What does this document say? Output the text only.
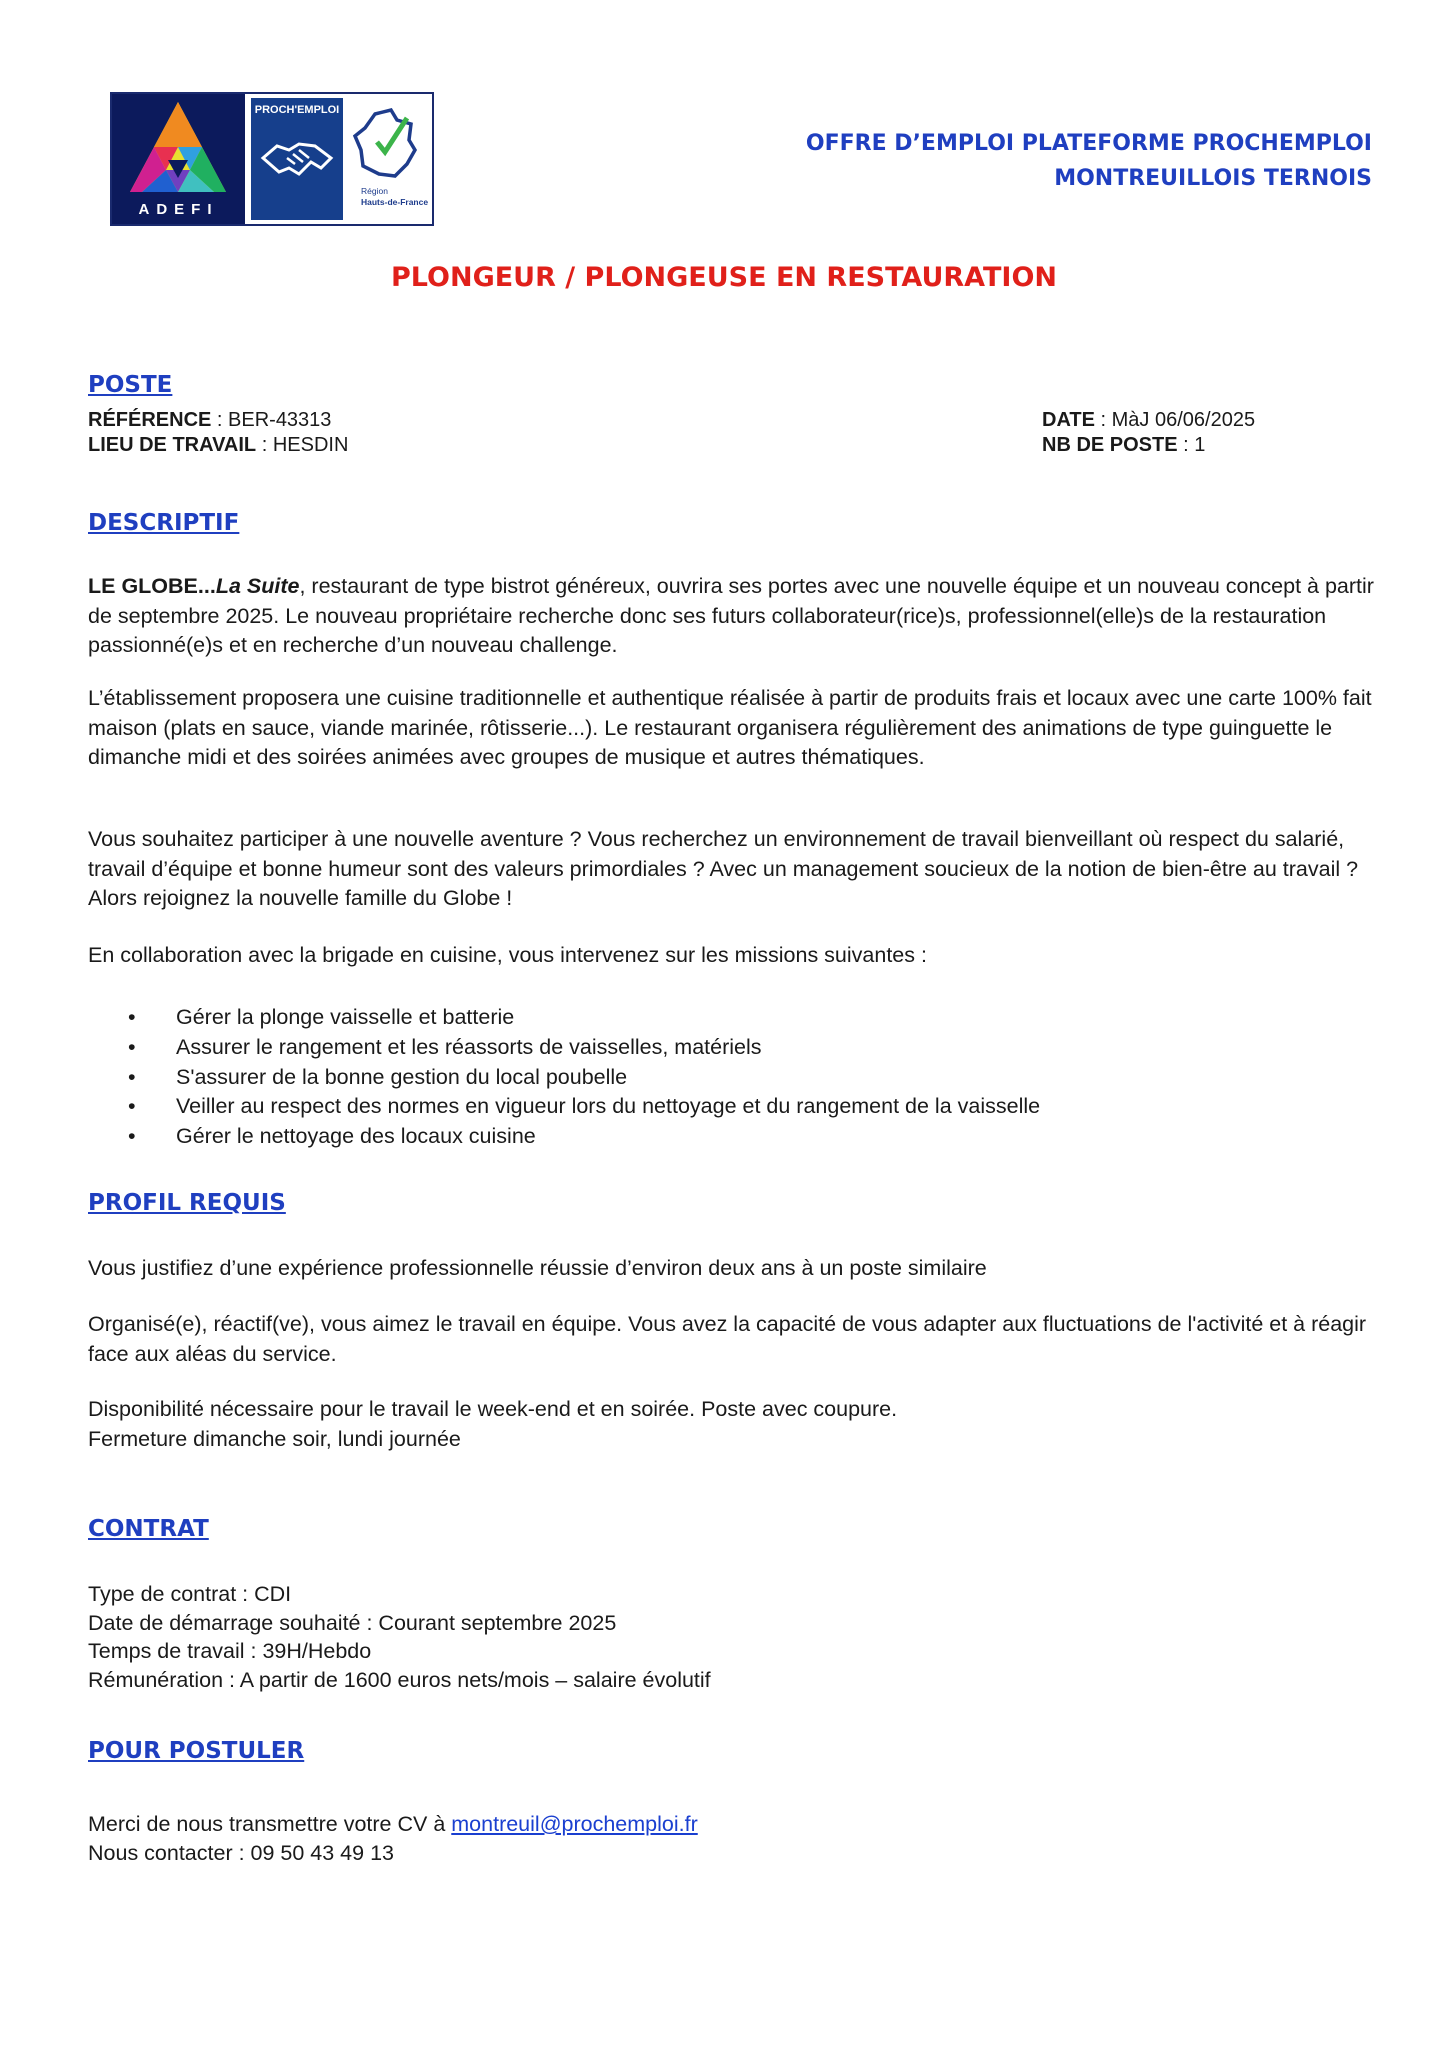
ADEFI
PROCH'EMPLOI
Région
Hauts-de-France
OFFRE D’EMPLOI PLATEFORME PROCHEMPLOI
MONTREUILLOIS TERNOIS
PLONGEUR / PLONGEUSE EN RESTAURATION
POSTE
RÉFÉRENCE : BER-43313
LIEU DE TRAVAIL : HESDIN
DATE : MàJ 06/06/2025
NB DE POSTE : 1
DESCRIPTIF
LE GLOBE...La Suite, restaurant de type bistrot généreux, ouvrira ses portes avec une nouvelle équipe et un nouveau concept à partir de septembre 2025. Le nouveau propriétaire recherche donc ses futurs collaborateur(rice)s, professionnel(elle)s de la restauration passionné(e)s et en recherche d’un nouveau challenge.
L’établissement proposera une cuisine traditionnelle et authentique réalisée à partir de produits frais et locaux avec une carte 100% fait maison (plats en sauce, viande marinée, rôtisserie...). Le restaurant organisera régulièrement des animations de type guinguette le dimanche midi et des soirées animées avec groupes de musique et autres thématiques.
Vous souhaitez participer à une nouvelle aventure ? Vous recherchez un environnement de travail bienveillant où respect du salarié, travail d’équipe et bonne humeur sont des valeurs primordiales ? Avec un management soucieux de la notion de bien-être au travail ? Alors rejoignez la nouvelle famille du Globe !
En collaboration avec la brigade en cuisine, vous intervenez sur les missions suivantes :
• Gérer la plonge vaisselle et batterie
• Assurer le rangement et les réassorts de vaisselles, matériels
• S'assurer de la bonne gestion du local poubelle
• Veiller au respect des normes en vigueur lors du nettoyage et du rangement de la vaisselle
• Gérer le nettoyage des locaux cuisine
PROFIL REQUIS
Vous justifiez d’une expérience professionnelle réussie d’environ deux ans à un poste similaire
Organisé(e), réactif(ve), vous aimez le travail en équipe. Vous avez la capacité de vous adapter aux fluctuations de l'activité et à réagir face aux aléas du service.
Disponibilité nécessaire pour le travail le week-end et en soirée. Poste avec coupure.
Fermeture dimanche soir, lundi journée
CONTRAT
Type de contrat : CDI
Date de démarrage souhaité : Courant septembre 2025
Temps de travail : 39H/Hebdo
Rémunération : A partir de 1600 euros nets/mois – salaire évolutif
POUR POSTULER
Merci de nous transmettre votre CV à montreuil@prochemploi.fr
Nous contacter : 09 50 43 49 13
